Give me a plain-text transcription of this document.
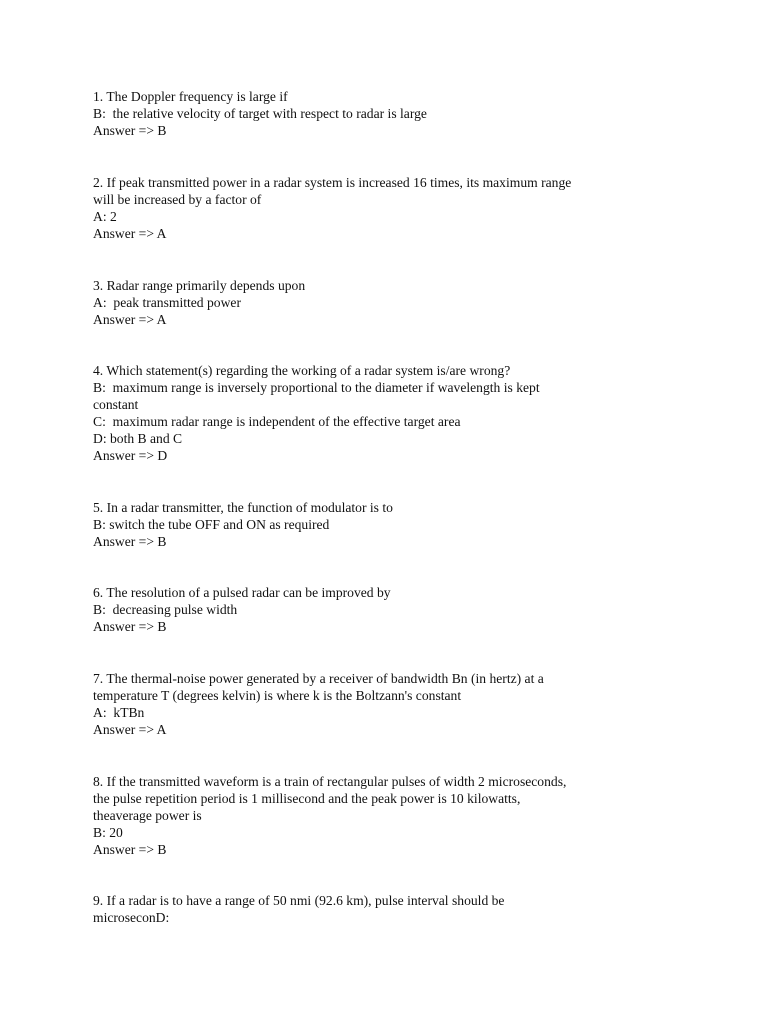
1. The Doppler frequency is large if
B:  the relative velocity of target with respect to radar is large
Answer => B
2. If peak transmitted power in a radar system is increased 16 times, its maximum range
will be increased by a factor of
A: 2
Answer => A
3. Radar range primarily depends upon
A:  peak transmitted power
Answer => A
4. Which statement(s) regarding the working of a radar system is/are wrong?
B:  maximum range is inversely proportional to the diameter if wavelength is kept
constant
C:  maximum radar range is independent of the effective target area
D: both B and C
Answer => D
5. In a radar transmitter, the function of modulator is to
B: switch the tube OFF and ON as required
Answer => B
6. The resolution of a pulsed radar can be improved by
B:  decreasing pulse width
Answer => B
7. The thermal-noise power generated by a receiver of bandwidth Bn (in hertz) at a
temperature T (degrees kelvin) is where k is the Boltzann's constant
A:  kTBn
Answer => A
8. If the transmitted waveform is a train of rectangular pulses of width 2 microseconds,
the pulse repetition period is 1 millisecond and the peak power is 10 kilowatts,
theaverage power is
B: 20
Answer => B
9. If a radar is to have a range of 50 nmi (92.6 km), pulse interval should be
microseconD:
